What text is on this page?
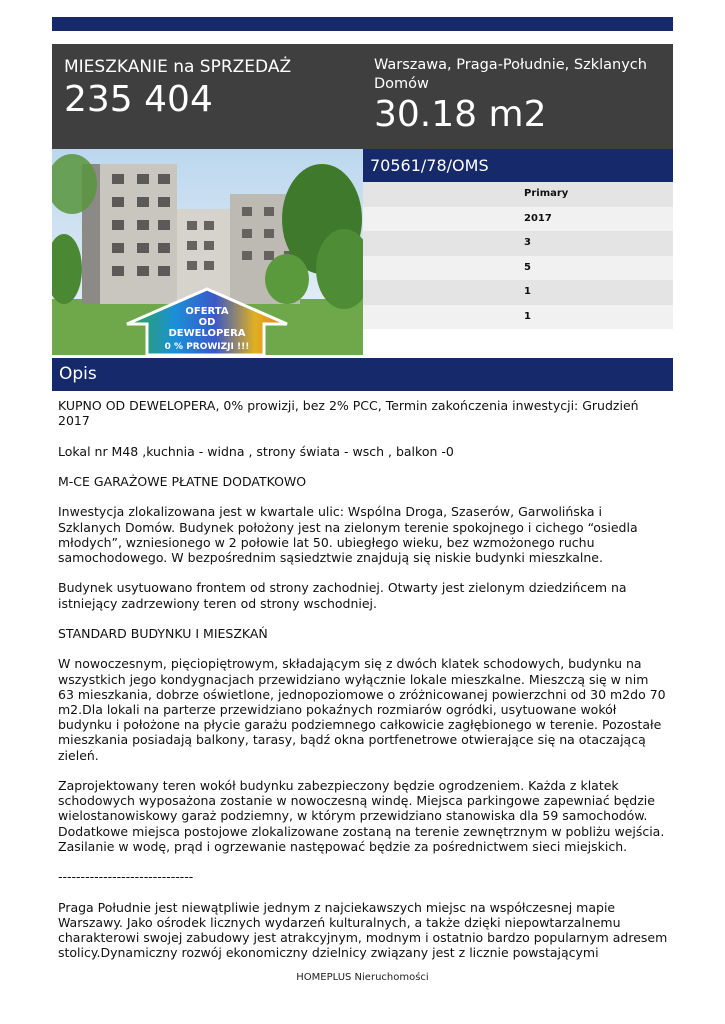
MIESZKANIE na SPRZEDAŻ
235 404
Warszawa, Praga-Południe, Szklanych Domów
30.18 m2
OFERTA
OD
DEWELOPERA
0 % PROWIZJI !!!
70561/78/OMS
Primary
2017
3
5
1
1
Opis

KUPNO OD DEWELOPERA, 0% prowizji, bez 2% PCC, Termin zakończenia inwestycji: Grudzień 2017

Lokal nr M48 ,kuchnia - widna , strony świata - wsch , balkon -0

M-CE GARAŻOWE PŁATNE DODATKOWO

Inwestycja zlokalizowana jest w kwartale ulic: Wspólna Droga, Szaserów, Garwolińska i Szklanych Domów. Budynek położony jest na zielonym terenie spokojnego i cichego “osiedla młodych”, wzniesionego w 2 połowie lat 50. ubiegłego wieku, bez wzmożonego ruchu samochodowego. W bezpośrednim sąsiedztwie znajdują się niskie budynki mieszkalne.

Budynek usytuowano frontem od strony zachodniej. Otwarty jest zielonym dziedzińcem na istniejący zadrzewiony teren od strony wschodniej.

STANDARD BUDYNKU I MIESZKAŃ

W nowoczesnym, pięciopiętrowym, składającym się z dwóch klatek schodowych, budynku na wszystkich jego kondygnacjach przewidziano wyłącznie lokale mieszkalne. Mieszczą się w nim 63 mieszkania, dobrze oświetlone, jednopoziomowe o zróżnicowanej powierzchni od 30 m2do 70 m2.Dla lokali na parterze przewidziano pokaźnych rozmiarów ogródki, usytuowane wokół budynku i położone na płycie garażu podziemnego całkowicie zagłębionego w terenie. Pozostałe mieszkania posiadają balkony, tarasy, bądź okna portfenetrowe otwierające się na otaczającą zieleń.

Zaprojektowany teren wokół budynku zabezpieczony będzie ogrodzeniem. Każda z klatek schodowych wyposażona zostanie w nowoczesną windę. Miejsca parkingowe zapewniać będzie wielostanowiskowy garaż podziemny, w którym przewidziano stanowiska dla 59 samochodów. Dodatkowe miejsca postojowe zlokalizowane zostaną na terenie zewnętrznym w pobliżu wejścia. Zasilanie w wodę, prąd i ogrzewanie następować będzie za pośrednictwem sieci miejskich.

------------------------------

Praga Południe jest niewątpliwie jednym z najciekawszych miejsc na współczesnej mapie Warszawy. Jako ośrodek licznych wydarzeń kulturalnych, a także dzięki niepowtarzalnemu charakterowi swojej zabudowy jest atrakcyjnym, modnym i ostatnio bardzo popularnym adresem stolicy.Dynamiczny rozwój ekonomiczny dzielnicy związany jest z licznie powstającymi

HOMEPLUS Nieruchomości
